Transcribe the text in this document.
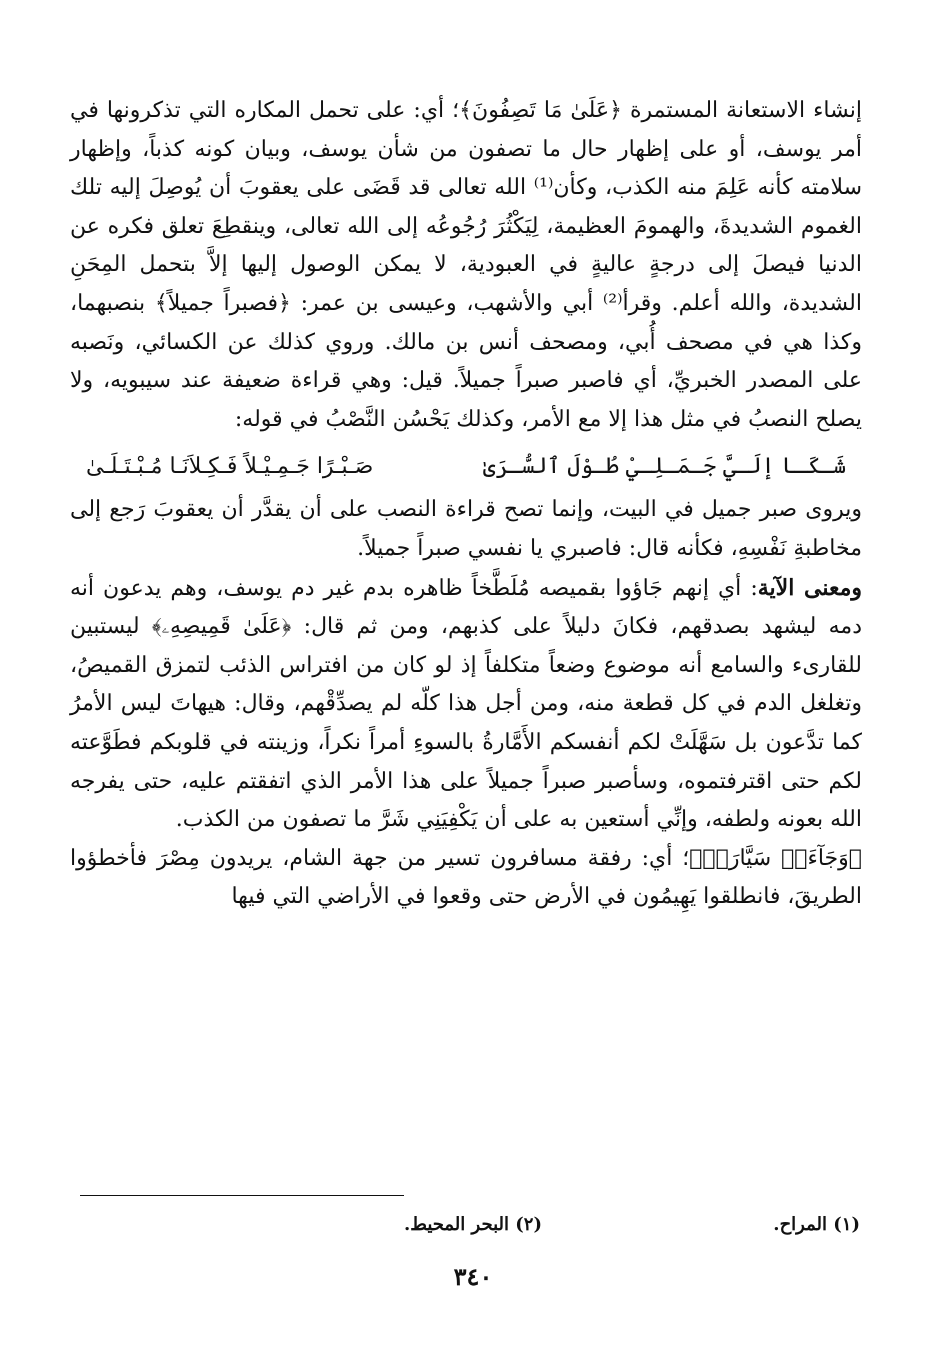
إنشاء الاستعانة المستمرة ﴿عَلَىٰ مَا تَصِفُونَ﴾؛ أي: على تحمل المكاره التي تذكرونها في أمر يوسف، أو على إظهار حال ما تصفون من شأن يوسف، وبيان كونه كذباً، وإظهار سلامته كأنه عَلِمَ منه الكذب، وكأن⁽¹⁾ الله تعالى قد قَضَى على يعقوبَ أن يُوصِلَ إليه تلك الغموم الشديدةَ، والهمومَ العظيمة، لِيَكْثُرَ رُجُوعُه إلى الله تعالى، وينقطِعَ تعلق فكره عن الدنيا فيصلَ إلى درجةٍ عاليةٍ في العبودية، لا يمكن الوصول إليها إلاَّ بتحمل المِحَنِ الشديدة، والله أعلم. وقرأ⁽²⁾ أبي والأشهب، وعيسى بن عمر: ﴿فصبراً جميلاً﴾ بنصبهما، وكذا هي في مصحف أُبي، ومصحف أنس بن مالك. وروي كذلك عن الكسائي، ونَصبه على المصدر الخبريِّ، أي فاصبر صبراً جميلاً. قيل: وهي قراءة ضعيفة عند سيبويه، ولا يصلح النصبُ في مثل هذا إلا مع الأمر، وكذلك يَحْسُن النَّصْبُ في قوله:

شَـكَـا إلَـيَّ جَـمَـلِـيْ طُـوْلَ ٱلسُّـرَىٰ
صَـبْـرًا جَـمِـيْـلاً فَـكِـلاَنَـا مُـبْـتَـلَـىٰ

ويروى صبر جميل في البيت، وإنما تصح قراءة النصب على أن يقدَّر أن يعقوبَ رَجع إلى مخاطبةِ نَفْسِهِ، فكأنه قال: فاصبري يا نفسي صبراً جميلاً.

ومعنى الآية: أي إنهم جَاؤوا بقميصه مُلَطَّخاً ظاهره بدم غير دم يوسف، وهم يدعون أنه دمه ليشهد بصدقهم، فكانَ دليلاً على كذبهم، ومن ثم قال: ﴿عَلَىٰ قَمِيصِهِۦ﴾ ليستبين للقارىء والسامع أنه موضوع وضعاً متكلفاً إذ لو كان من افتراس الذئب لتمزق القميصُ، وتغلغل الدم في كل قطعة منه، ومن أجل هذا كلّه لم يصدِّقْهم، وقال: هيهاتَ ليس الأمرُ كما تدَّعون بل سَهَّلَتْ لكم أنفسكم الأَمَّارةُ بالسوءِ أمراً نكراً، وزينته في قلوبكم فطَوَّعته لكم حتى اقترفتموه، وسأصبر صبراً جميلاً على هذا الأمر الذي اتفقتم عليه، حتى يفرجه الله بعونه ولطفه، وإنِّي أستعين به على أن يَكْفِيَنِي شَرَّ ما تصفون من الكذب.

﴿وَجَآءَتۡ سَيَّارَةٞ﴾؛ أي: رفقة مسافرون تسير من جهة الشام، يريدون مِصْرَ فأخطؤوا الطريقَ، فانطلقوا يَهِيمُون في الأرض حتى وقعوا في الأراضي التي فيها

(١) المراح.
(٢) البحر المحيط.
٣٤٠
